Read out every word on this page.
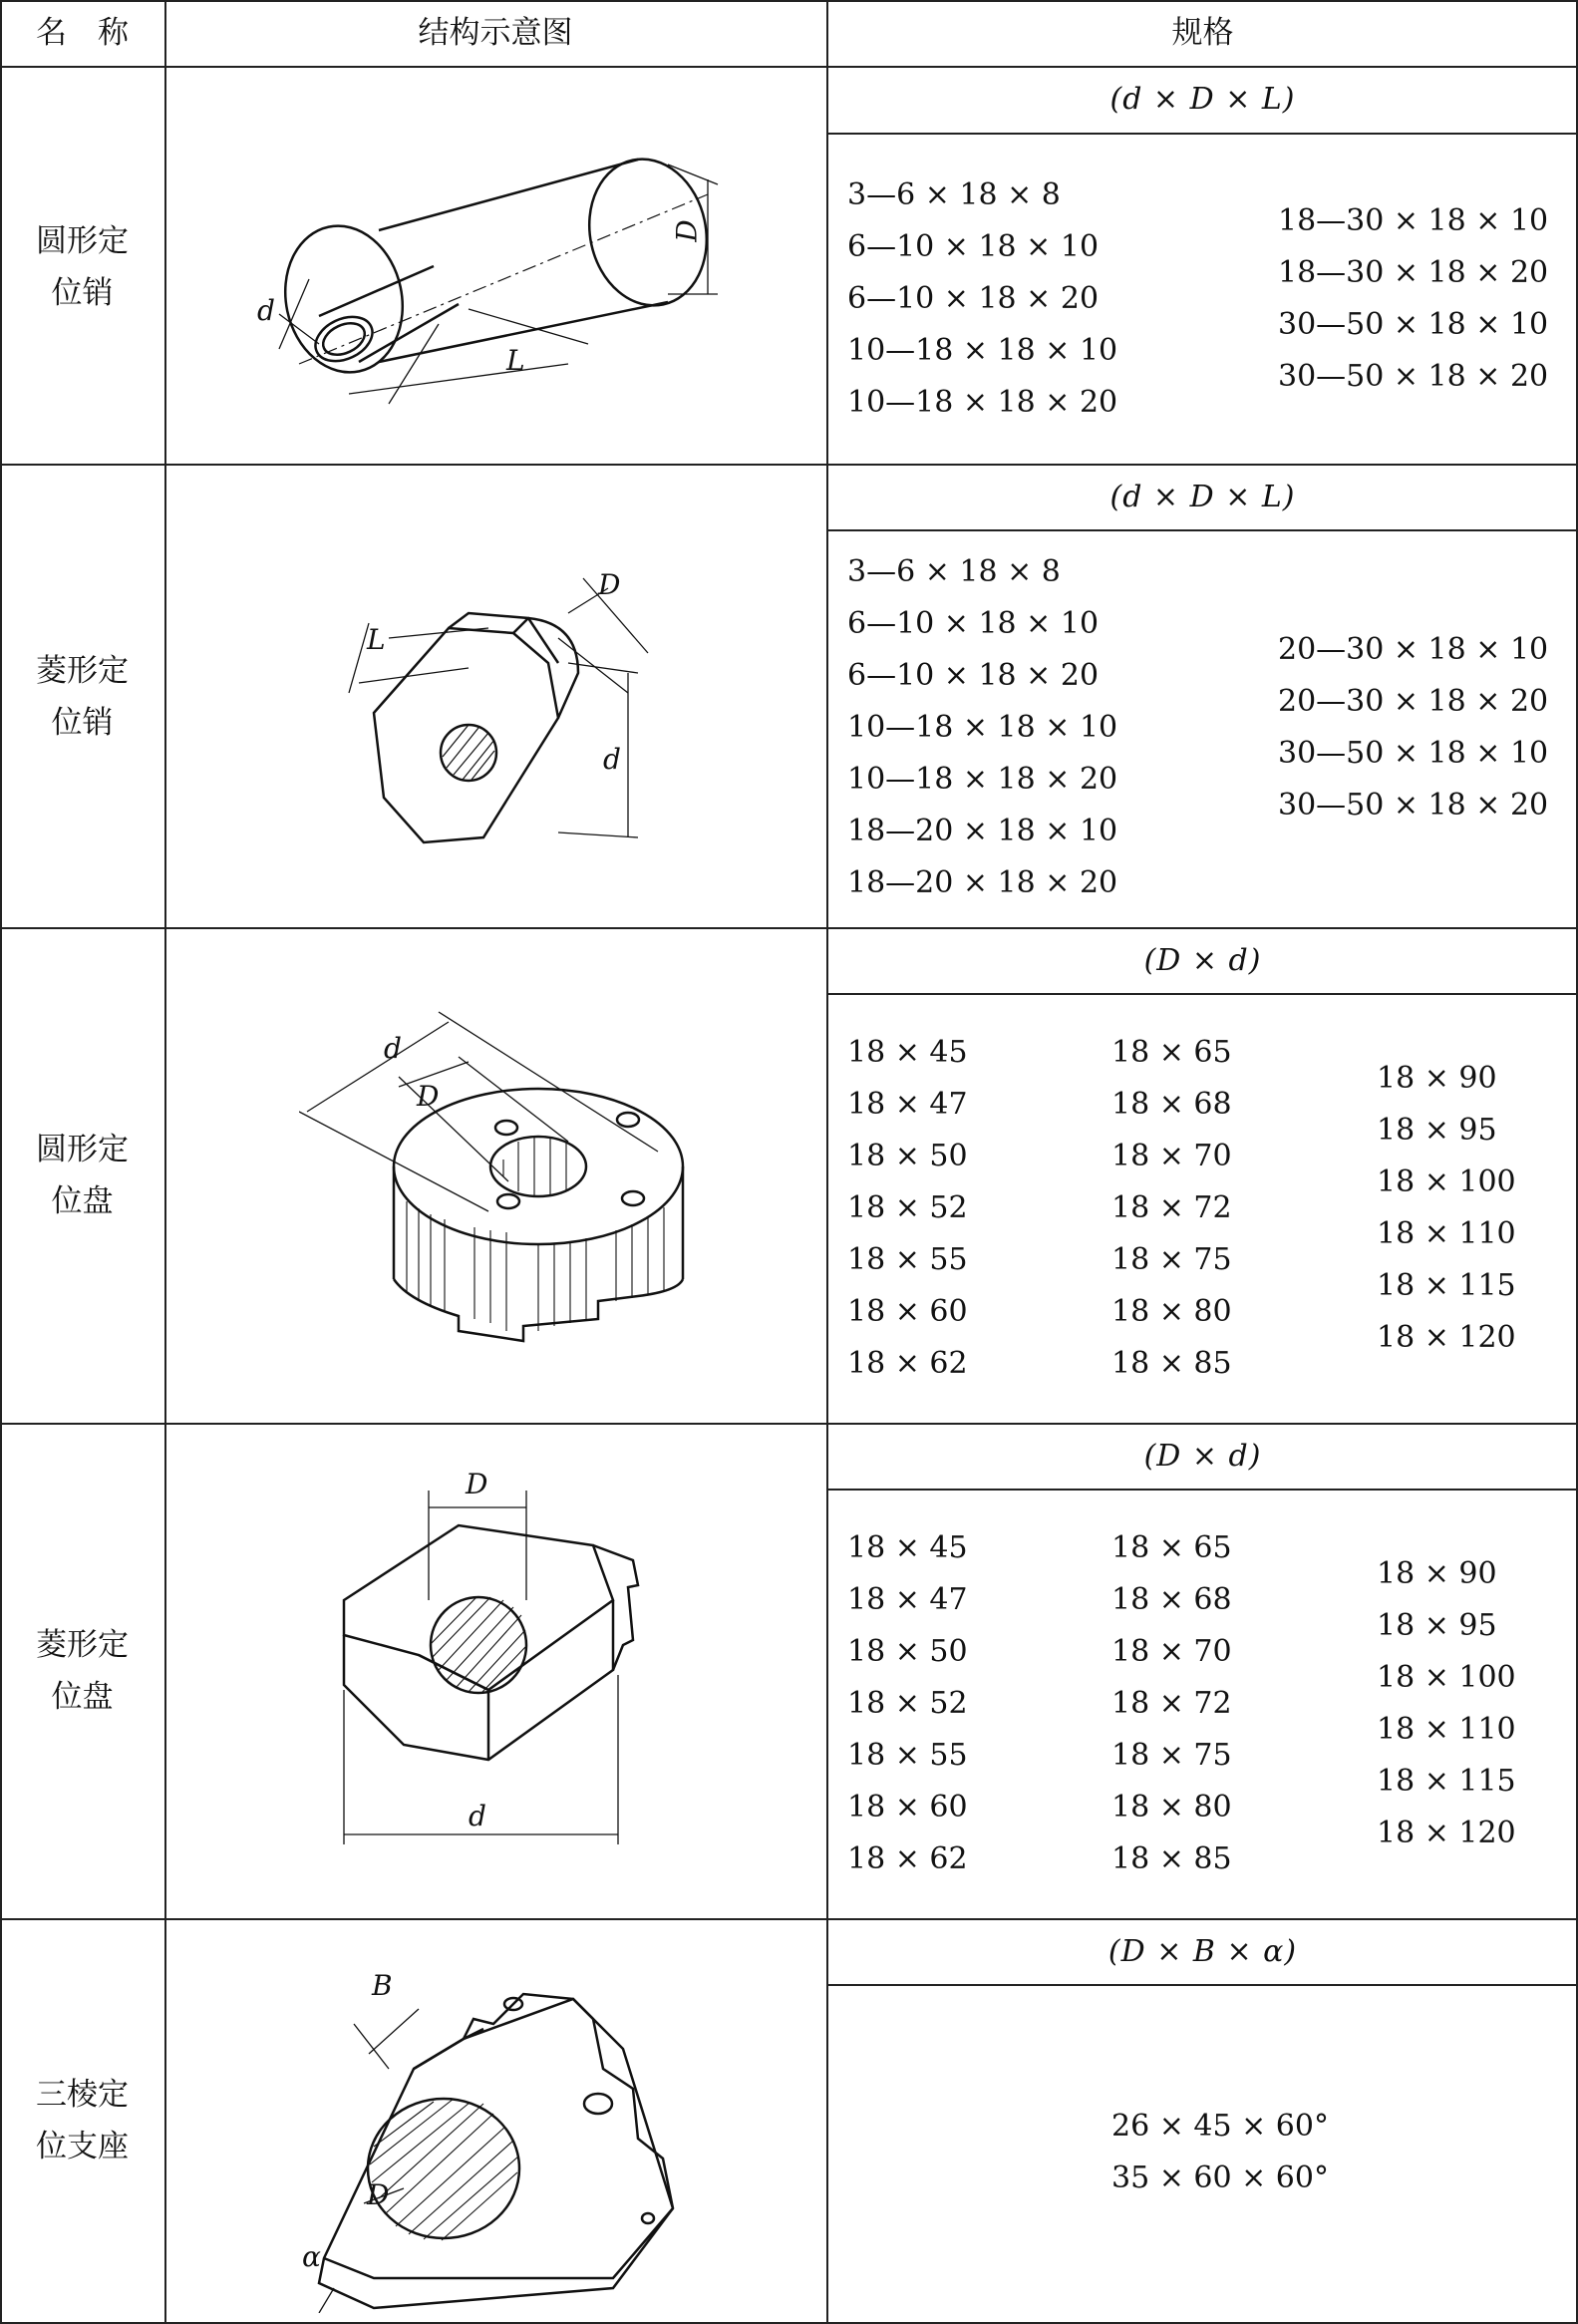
名　称	结构示意图	规格
圆形定
位销
(d × D × L)
3—6 × 18 × 8
6—10 × 18 × 10
6—10 × 18 × 20
10—18 × 18 × 10
10—18 × 18 × 20
18—30 × 18 × 10
18—30 × 18 × 20
30—50 × 18 × 10
30—50 × 18 × 20
D
d
L
菱形定
位销
(d × D × L)
3—6 × 18 × 8
6—10 × 18 × 10
6—10 × 18 × 20
10—18 × 18 × 10
10—18 × 18 × 20
18—20 × 18 × 10
18—20 × 18 × 20
20—30 × 18 × 10
20—30 × 18 × 20
30—50 × 18 × 10
30—50 × 18 × 20
L
D
d
圆形定
位盘
(D × d)
18 × 45
18 × 47
18 × 50
18 × 52
18 × 55
18 × 60
18 × 62
18 × 65
18 × 68
18 × 70
18 × 72
18 × 75
18 × 80
18 × 85
18 × 90
18 × 95
18 × 100
18 × 110
18 × 115
18 × 120
d
D
菱形定
位盘
(D × d)
18 × 45
18 × 47
18 × 50
18 × 52
18 × 55
18 × 60
18 × 62
18 × 65
18 × 68
18 × 70
18 × 72
18 × 75
18 × 80
18 × 85
18 × 90
18 × 95
18 × 100
18 × 110
18 × 115
18 × 120
D
d
三棱定
位支座
(D × B × α)
26 × 45 × 60°
35 × 60 × 60°
B
D
α
